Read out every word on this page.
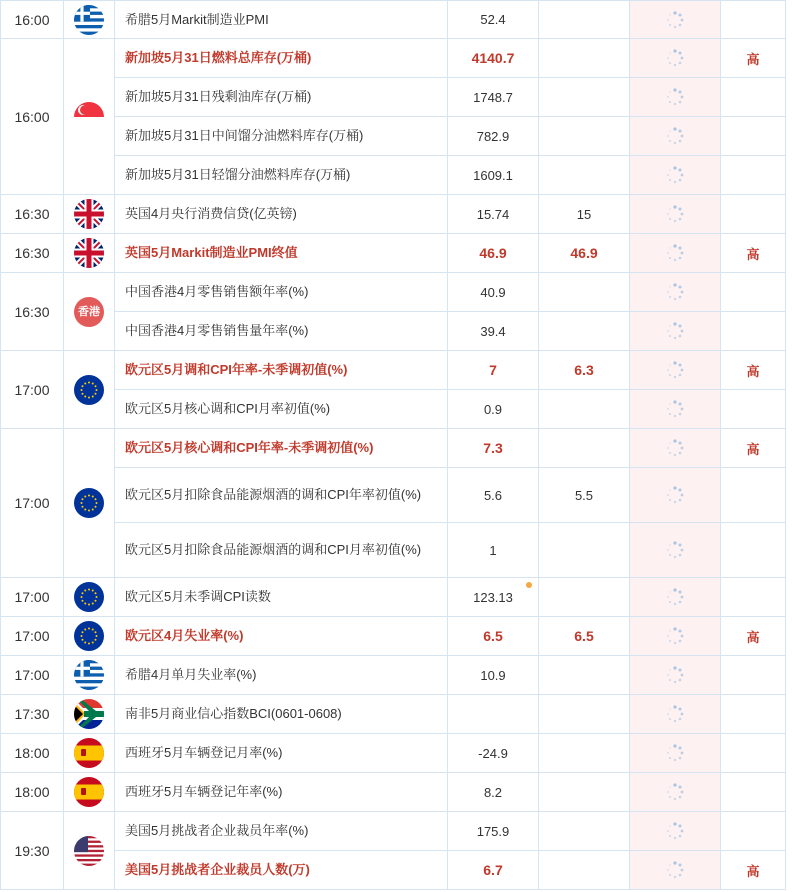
16:00		希腊5月Markit制造业PMI	52.4			
16:00		新加坡5月31日燃料总库存(万桶)	4140.7			高
		新加坡5月31日残剩油库存(万桶)	1748.7			
		新加坡5月31日中间馏分油燃料库存(万桶)	782.9			
		新加坡5月31日轻馏分油燃料库存(万桶)	1609.1			
16:30		英国4月央行消费信贷(亿英镑)	15.74	15		
16:30		英国5月Markit制造业PMI终值	46.9	46.9		高
16:30	香港	中国香港4月零售销售额年率(%)	40.9			
		中国香港4月零售销售量年率(%)	39.4			
17:00		欧元区5月调和CPI年率-未季调初值(%)	7	6.3		高
		欧元区5月核心调和CPI月率初值(%)	0.9			
17:00		欧元区5月核心调和CPI年率-未季调初值(%)	7.3			高
		欧元区5月扣除食品能源烟酒的调和CPI年率初值(%)	5.6	5.5		
		欧元区5月扣除食品能源烟酒的调和CPI月率初值(%)	1			
17:00		欧元区5月未季调CPI读数	123.13			
17:00		欧元区4月失业率(%)	6.5	6.5		高
17:00		希腊4月单月失业率(%)	10.9			
17:30		南非5月商业信心指数BCI(0601-0608)				
18:00		西班牙5月车辆登记月率(%)	-24.9			
18:00		西班牙5月车辆登记年率(%)	8.2			
19:30		美国5月挑战者企业裁员年率(%)	175.9			
		美国5月挑战者企业裁员人数(万)	6.7			高
